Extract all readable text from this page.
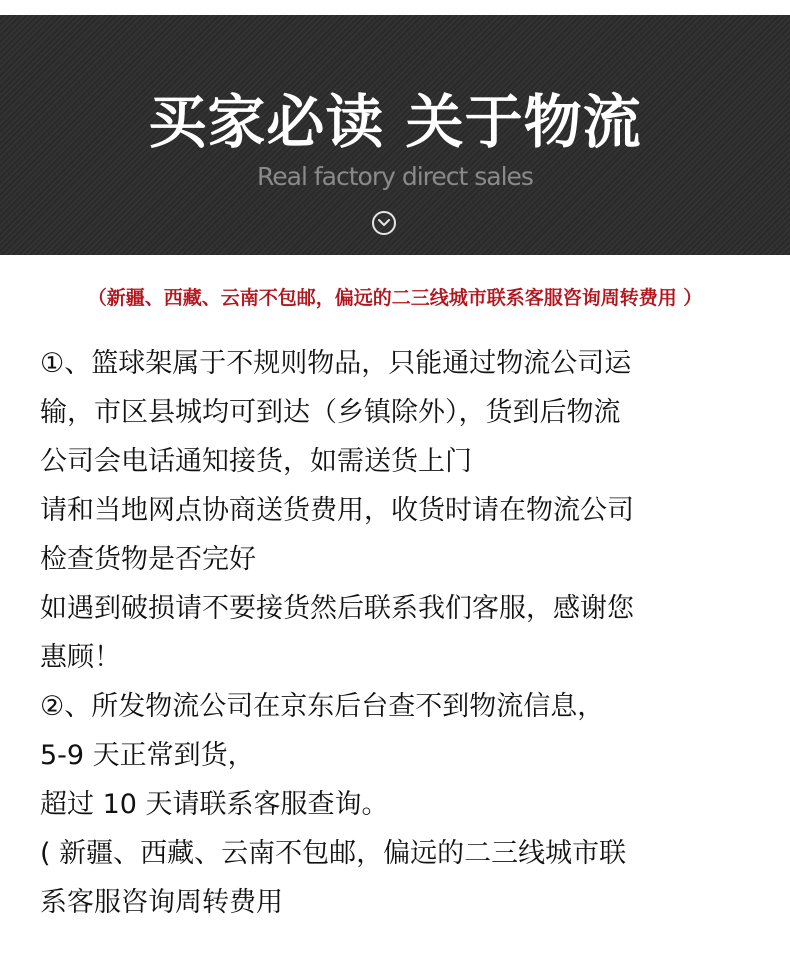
买家必读 关于物流
Real factory direct sales
（新疆、西藏、云南不包邮，偏远的二三线城市联系客服咨询周转费用 ）
①、篮球架属于不规则物品，只能通过物流公司运
输，市区县城均可到达（乡镇除外），货到后物流
公司会电话通知接货，如需送货上门
请和当地网点协商送货费用，收货时请在物流公司
检查货物是否完好
如遇到破损请不要接货然后联系我们客服，感谢您
惠顾！
②、所发物流公司在京东后台查不到物流信息，
5-9 天正常到货，
超过 10 天请联系客服查询。
( 新疆、西藏、云南不包邮，偏远的二三线城市联
系客服咨询周转费用
